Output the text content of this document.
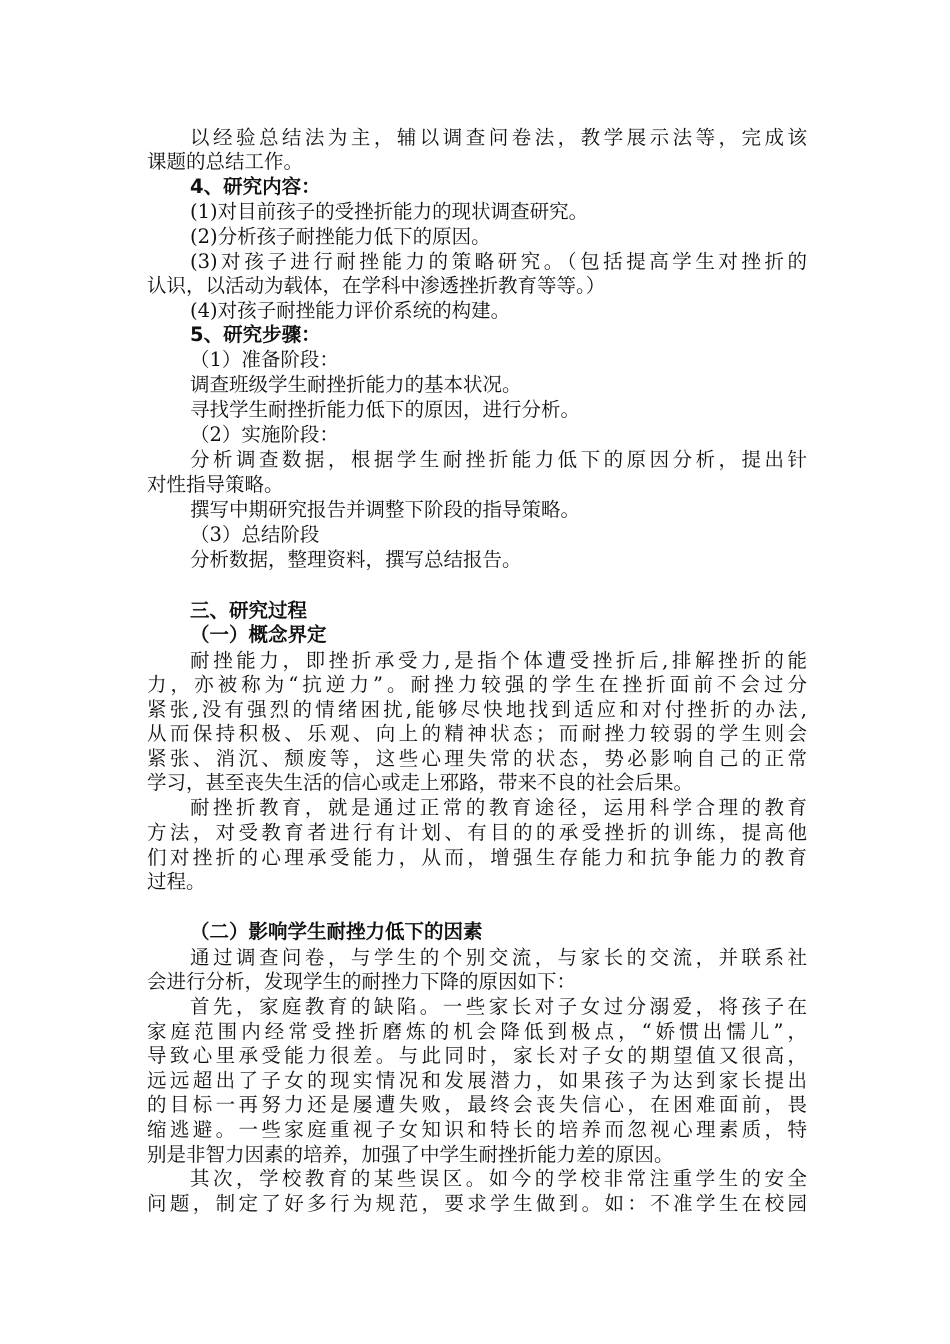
以经验总结法为主，辅以调查问卷法，教学展示法等，完成该
课题的总结工作。
4、研究内容：
(1)对目前孩子的受挫折能力的现状调查研究。
(2)分析孩子耐挫能力低下的原因。
(3)对孩子进行耐挫能力的策略研究。（包括提高学生对挫折的
认识，以活动为载体，在学科中渗透挫折教育等等。）
(4)对孩子耐挫能力评价系统的构建。
5、研究步骤：
（1）准备阶段：
调查班级学生耐挫折能力的基本状况。
寻找学生耐挫折能力低下的原因，进行分析。
（2）实施阶段：
分析调查数据，根据学生耐挫折能力低下的原因分析，提出针
对性指导策略。
撰写中期研究报告并调整下阶段的指导策略。
（3）总结阶段
分析数据，整理资料，撰写总结报告。
三、研究过程
（一）概念界定
耐挫能力，即挫折承受力,是指个体遭受挫折后,排解挫折的能
力，亦被称为“抗逆力”。耐挫力较强的学生在挫折面前不会过分
紧张,没有强烈的情绪困扰,能够尽快地找到适应和对付挫折的办法,
从而保持积极、乐观、向上的精神状态；而耐挫力较弱的学生则会
紧张、消沉、颓废等，这些心理失常的状态，势必影响自己的正常
学习，甚至丧失生活的信心或走上邪路，带来不良的社会后果。
耐挫折教育，就是通过正常的教育途径，运用科学合理的教育
方法，对受教育者进行有计划、有目的的承受挫折的训练，提高他
们对挫折的心理承受能力，从而，增强生存能力和抗争能力的教育
过程。
（二）影响学生耐挫力低下的因素
通过调查问卷，与学生的个别交流，与家长的交流，并联系社
会进行分析，发现学生的耐挫力下降的原因如下：
首先，家庭教育的缺陷。一些家长对子女过分溺爱，将孩子在
家庭范围内经常受挫折磨炼的机会降低到极点，“娇惯出懦儿”，
导致心里承受能力很差。与此同时，家长对子女的期望值又很高，
远远超出了子女的现实情况和发展潜力，如果孩子为达到家长提出
的目标一再努力还是屡遭失败，最终会丧失信心，在困难面前，畏
缩逃避。一些家庭重视子女知识和特长的培养而忽视心理素质，特
别是非智力因素的培养，加强了中学生耐挫折能力差的原因。
其次，学校教育的某些误区。如今的学校非常注重学生的安全
问题，制定了好多行为规范，要求学生做到。如：不准学生在校园
